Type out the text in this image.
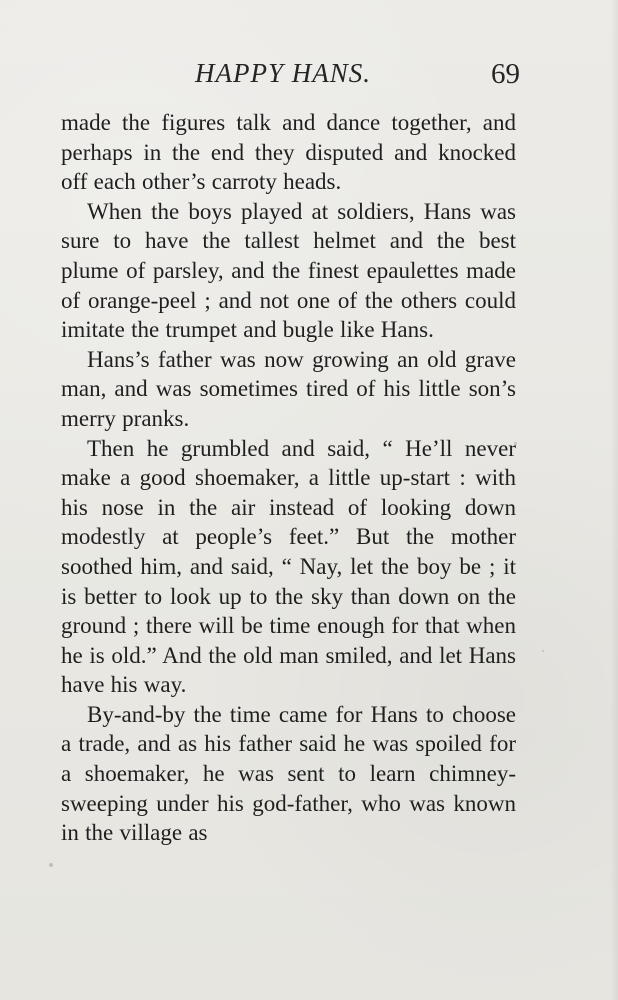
HAPPY HANS.	69

made the figures talk and dance together, and perhaps in the end they disputed and knocked off each other’s carroty heads.

When the boys played at soldiers, Hans was sure to have the tallest helmet and the best plume of parsley, and the finest epaulettes made of orange-peel ; and not one of the others could imitate the trumpet and bugle like Hans.

Hans’s father was now growing an old grave man, and was sometimes tired of his little son’s merry pranks.

Then he grumbled and said, “ He’ll never make a good shoemaker, a little up-start : with his nose in the air instead of looking down modestly at people’s feet.” But the mother soothed him, and said, “ Nay, let the boy be ; it is better to look up to the sky than down on the ground ; there will be time enough for that when he is old.” And the old man smiled, and let Hans have his way.

By-and-by the time came for Hans to choose a trade, and as his father said he was spoiled for a shoemaker, he was sent to learn chimney-sweeping under his god-father, who was known in the village as
